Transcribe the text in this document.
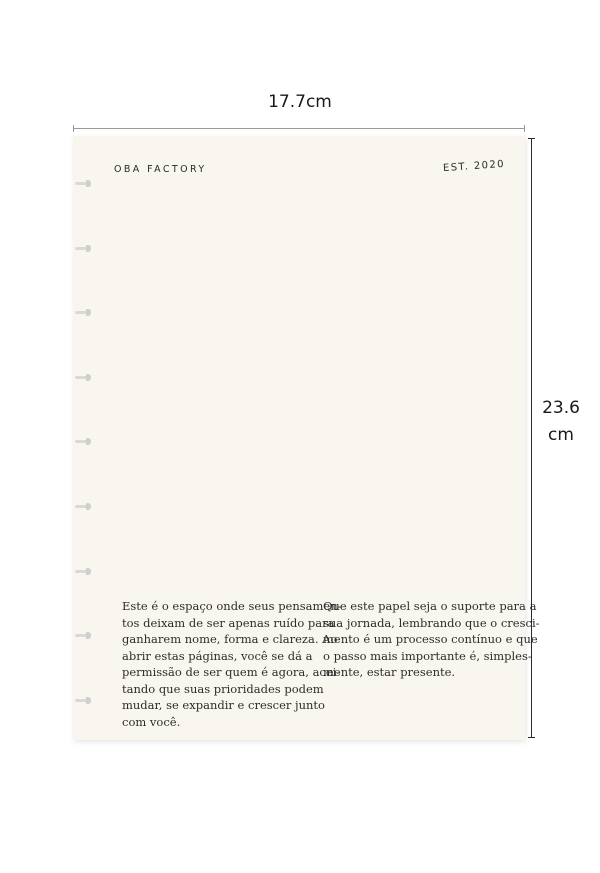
17.7cm
23.6
cm
OBA FACTORY	EST. 2020

Este é o espaço onde seus pensamen-
tos deixam de ser apenas ruído para
ganharem nome, forma e clareza. Ao
abrir estas páginas, você se dá a
permissão de ser quem é agora, acei-
tando que suas prioridades podem
mudar, se expandir e crescer junto
com você.

Que este papel seja o suporte para a
sua jornada, lembrando que o cresci-
mento é um processo contínuo e que
o passo mais importante é, simples-
mente, estar presente.
